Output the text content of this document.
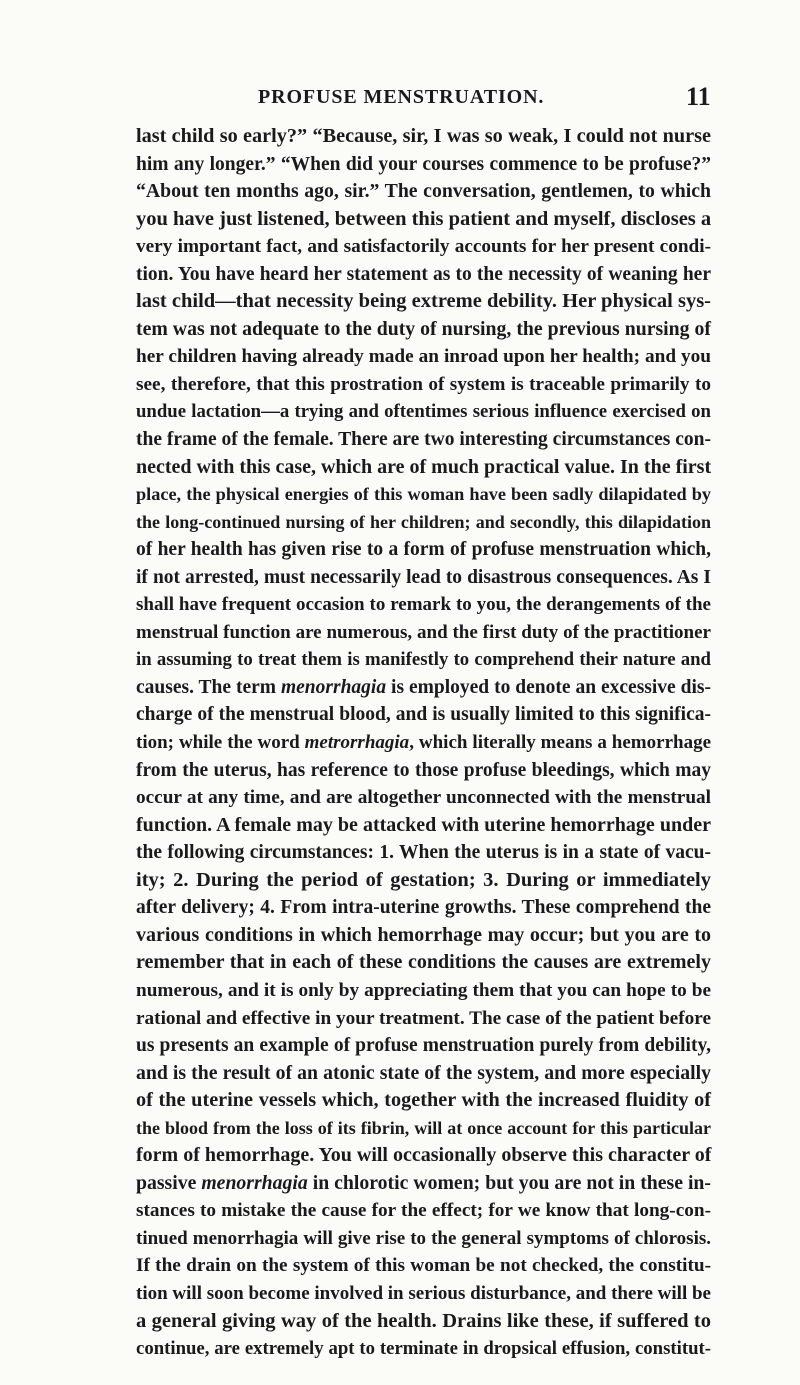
PROFUSE MENSTRUATION.	11
last child so early?” “Because, sir, I was so weak, I could not nurse
him any longer.” “When did your courses commence to be profuse?”
“About ten months ago, sir.” The conversation, gentlemen, to which
you have just listened, between this patient and myself, discloses a
very important fact, and satisfactorily accounts for her present condi-
tion. You have heard her statement as to the necessity of weaning her
last child—that necessity being extreme debility. Her physical sys-
tem was not adequate to the duty of nursing, the previous nursing of
her children having already made an inroad upon her health; and you
see, therefore, that this prostration of system is traceable primarily to
undue lactation—a trying and oftentimes serious influence exercised on
the frame of the female. There are two interesting circumstances con-
nected with this case, which are of much practical value. In the first
place, the physical energies of this woman have been sadly dilapidated by
the long-continued nursing of her children; and secondly, this dilapidation
of her health has given rise to a form of profuse menstruation which,
if not arrested, must necessarily lead to disastrous consequences. As I
shall have frequent occasion to remark to you, the derangements of the
menstrual function are numerous, and the first duty of the practitioner
in assuming to treat them is manifestly to comprehend their nature and
causes. The term menorrhagia is employed to denote an excessive dis-
charge of the menstrual blood, and is usually limited to this significa-
tion; while the word metrorrhagia, which literally means a hemorrhage
from the uterus, has reference to those profuse bleedings, which may
occur at any time, and are altogether unconnected with the menstrual
function. A female may be attacked with uterine hemorrhage under
the following circumstances: 1. When the uterus is in a state of vacu-
ity; 2. During the period of gestation; 3. During or immediately
after delivery; 4. From intra-uterine growths. These comprehend the
various conditions in which hemorrhage may occur; but you are to
remember that in each of these conditions the causes are extremely
numerous, and it is only by appreciating them that you can hope to be
rational and effective in your treatment. The case of the patient before
us presents an example of profuse menstruation purely from debility,
and is the result of an atonic state of the system, and more especially
of the uterine vessels which, together with the increased fluidity of
the blood from the loss of its fibrin, will at once account for this particular
form of hemorrhage. You will occasionally observe this character of
passive menorrhagia in chlorotic women; but you are not in these in-
stances to mistake the cause for the effect; for we know that long-con-
tinued menorrhagia will give rise to the general symptoms of chlorosis.
If the drain on the system of this woman be not checked, the constitu-
tion will soon become involved in serious disturbance, and there will be
a general giving way of the health. Drains like these, if suffered to
continue, are extremely apt to terminate in dropsical effusion, constitut-
